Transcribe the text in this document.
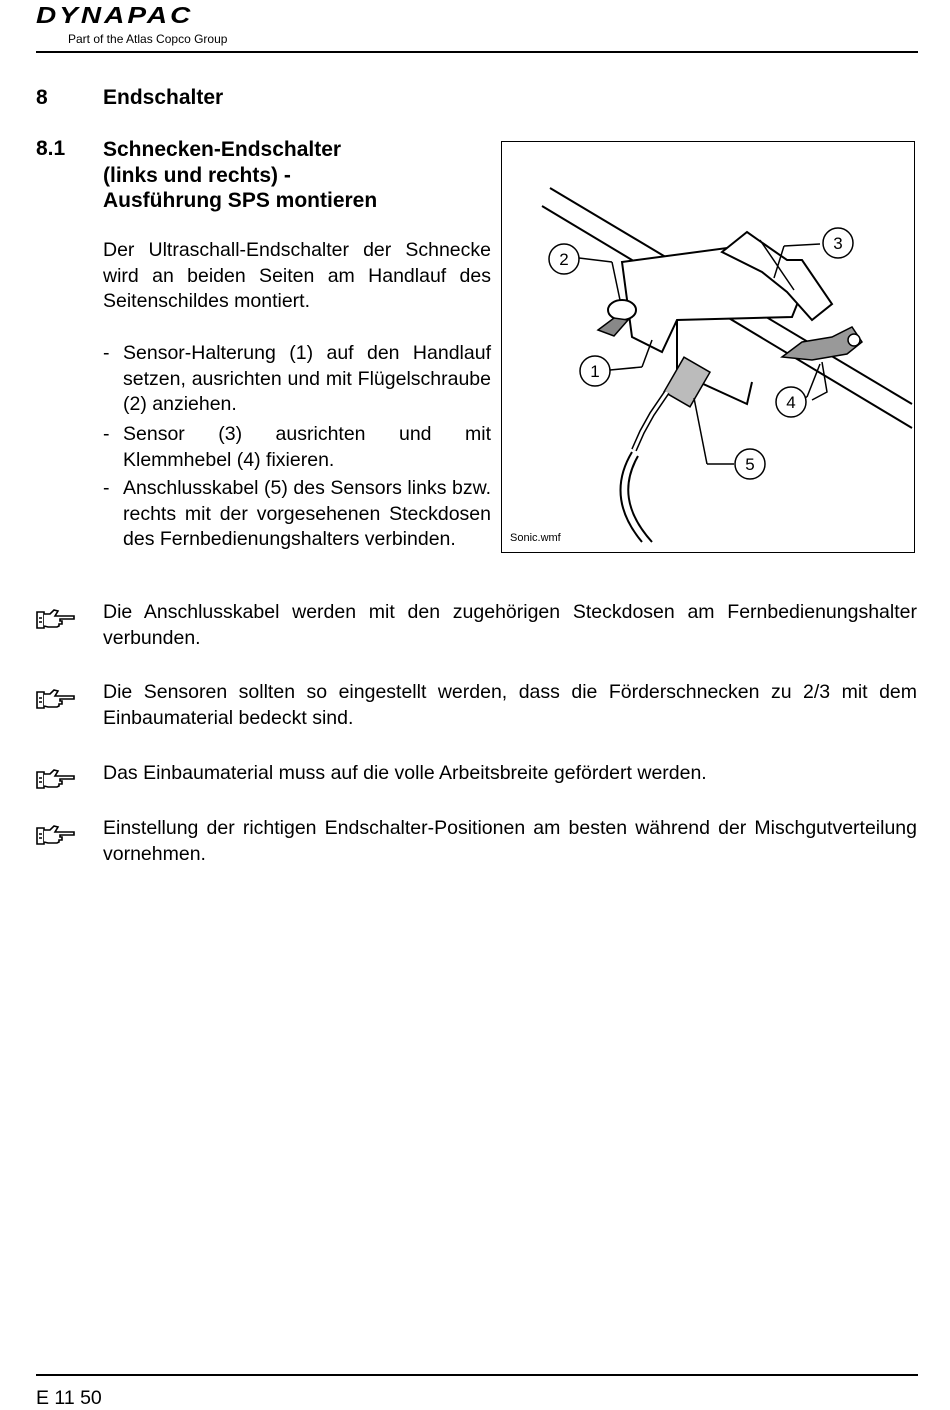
DYNAPAC
Part of the Atlas Copco Group
8	Endschalter
8.1 Schnecken-Endschalter
(links und rechts) -
Ausführung SPS montieren
Der Ultraschall-Endschalter der Schnecke wird an beiden Seiten am Handlauf des Seitenschildes montiert.
- Sensor-Halterung (1) auf den Handlauf setzen, ausrichten und mit Flügelschraube (2) anziehen.
- Sensor (3) ausrichten und mit Klemmhebel (4) fixieren.
- Anschlusskabel (5) des Sensors links bzw. rechts mit der vorgesehenen Steckdosen des Fernbedienungshalters verbinden.
1
2
3
4
5
Sonic.wmf
Die Anschlusskabel werden mit den zugehörigen Steckdosen am Fernbedienungshalter verbunden.
Die Sensoren sollten so eingestellt werden, dass die Förderschnecken zu 2/3 mit dem Einbaumaterial bedeckt sind.
Das Einbaumaterial muss auf die volle Arbeitsbreite gefördert werden.
Einstellung der richtigen Endschalter-Positionen am besten während der Mischgutverteilung vornehmen.
E 11 50
